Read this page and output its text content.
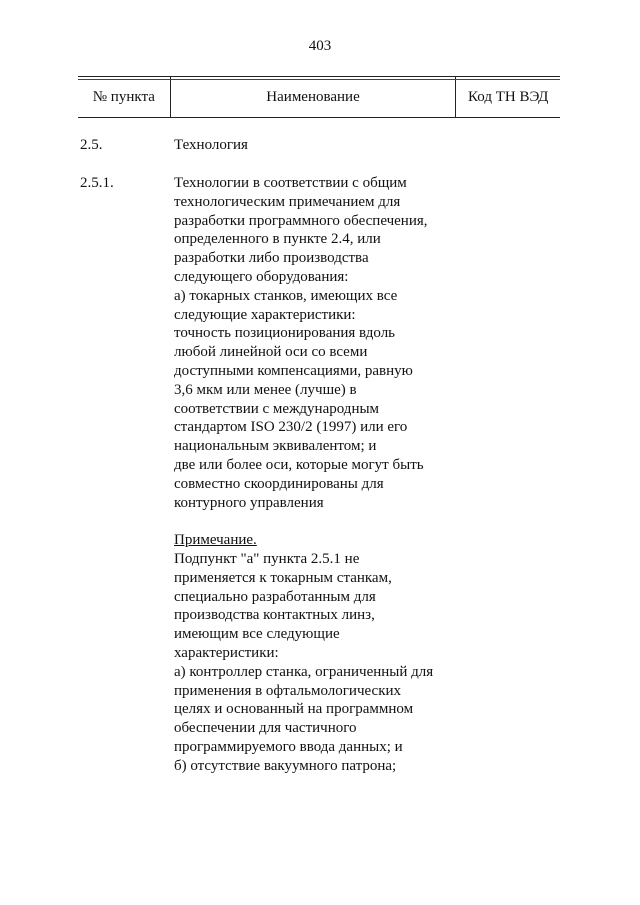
403
№ пункта	Наименование	Код ТН ВЭД
2.5.	Технология
2.5.1.	Технологии в соответствии с общим
технологическим примечанием для
разработки программного обеспечения,
определенного в пункте 2.4, или
разработки либо производства
следующего оборудования:
а) токарных станков, имеющих все
следующие характеристики:
точность позиционирования вдоль
любой линейной оси со всеми
доступными компенсациями, равную
3,6 мкм или менее (лучше) в
соответствии с международным
стандартом ISO 230/2 (1997) или его
национальным эквивалентом; и
две или более оси, которые могут быть
совместно скоординированы для
контурного управления
Примечание.
Подпункт "а" пункта 2.5.1 не
применяется к токарным станкам,
специально разработанным для
производства контактных линз,
имеющим все следующие
характеристики:
а) контроллер станка, ограниченный для
применения в офтальмологических
целях и основанный на программном
обеспечении для частичного
программируемого ввода данных; и
б) отсутствие вакуумного патрона;
